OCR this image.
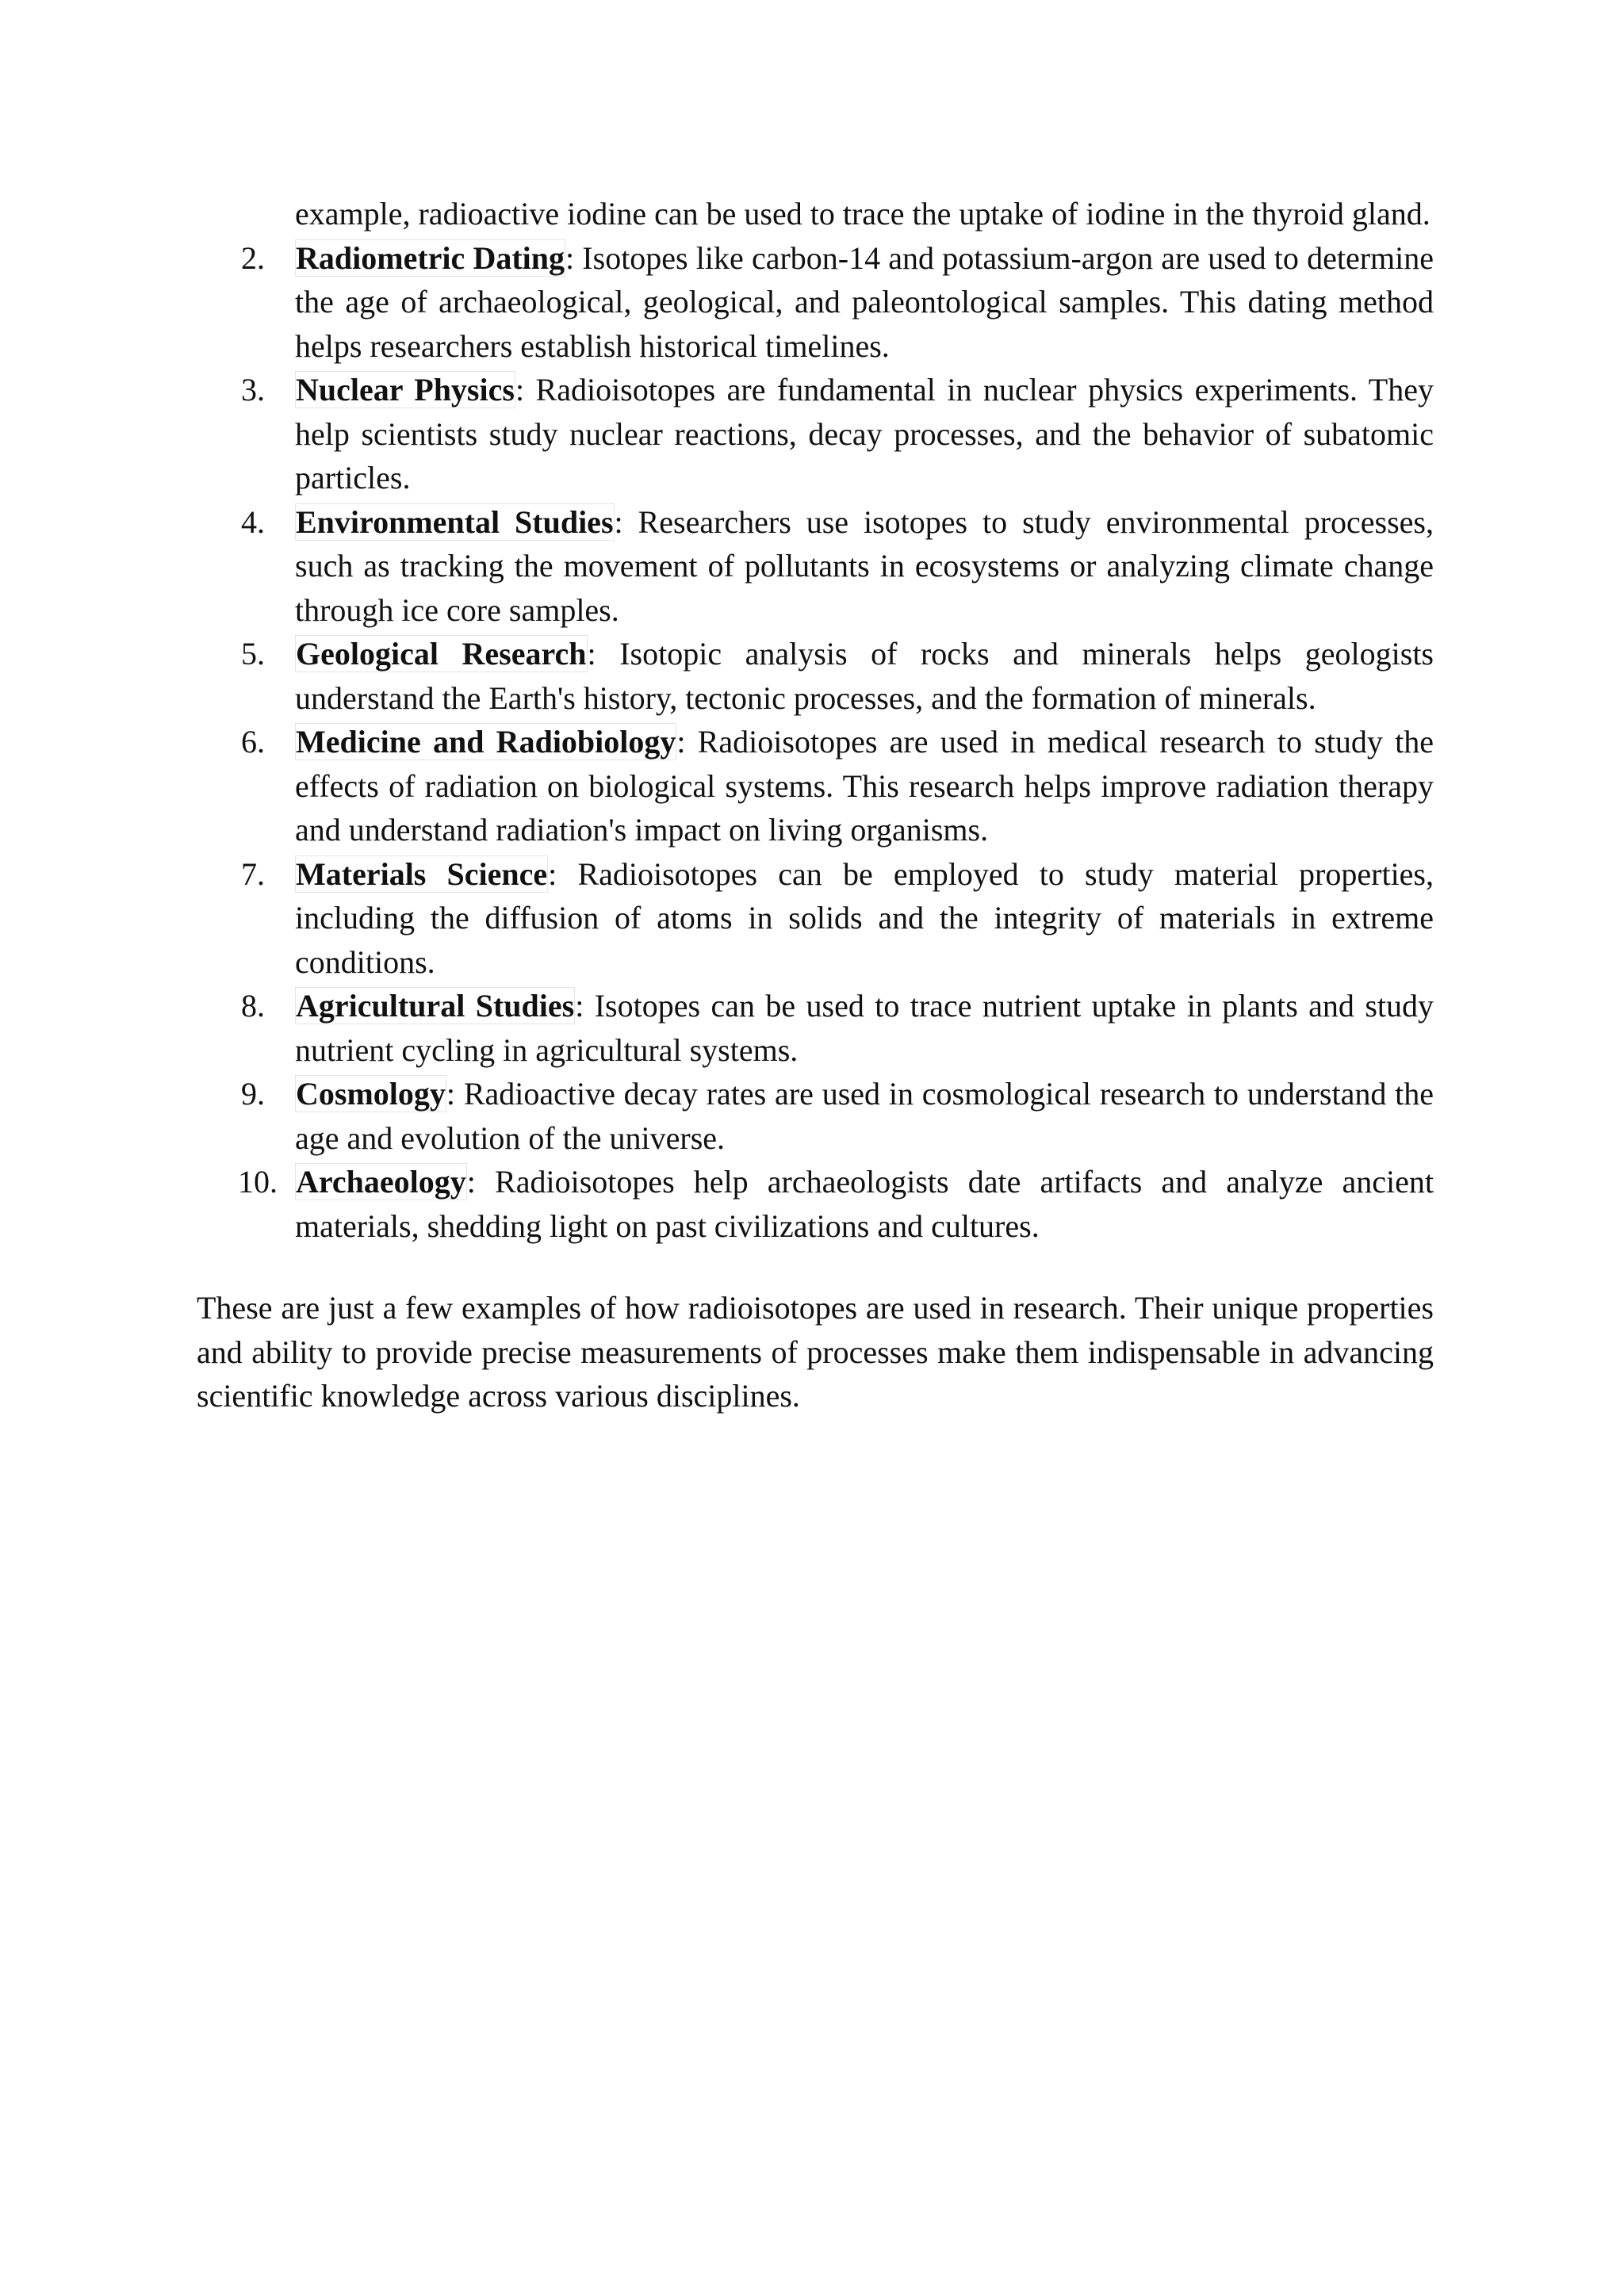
example, radioactive iodine can be used to trace the uptake of iodine in the thyroid gland.
2. Radiometric Dating: Isotopes like carbon-14 and potassium-argon are used to determine the age of archaeological, geological, and paleontological samples. This dating method helps researchers establish historical timelines.
3. Nuclear Physics: Radioisotopes are fundamental in nuclear physics experiments. They help scientists study nuclear reactions, decay processes, and the behavior of subatomic particles.
4. Environmental Studies: Researchers use isotopes to study environmental processes, such as tracking the movement of pollutants in ecosystems or analyzing climate change through ice core samples.
5. Geological Research: Isotopic analysis of rocks and minerals helps geologists understand the Earth's history, tectonic processes, and the formation of minerals.
6. Medicine and Radiobiology: Radioisotopes are used in medical research to study the effects of radiation on biological systems. This research helps improve radiation therapy and understand radiation's impact on living organisms.
7. Materials Science: Radioisotopes can be employed to study material properties, including the diffusion of atoms in solids and the integrity of materials in extreme conditions.
8. Agricultural Studies: Isotopes can be used to trace nutrient uptake in plants and study nutrient cycling in agricultural systems.
9. Cosmology: Radioactive decay rates are used in cosmological research to understand the age and evolution of the universe.
10. Archaeology: Radioisotopes help archaeologists date artifacts and analyze ancient materials, shedding light on past civilizations and cultures.

These are just a few examples of how radioisotopes are used in research. Their unique properties and ability to provide precise measurements of processes make them indispensable in advancing scientific knowledge across various disciplines.
